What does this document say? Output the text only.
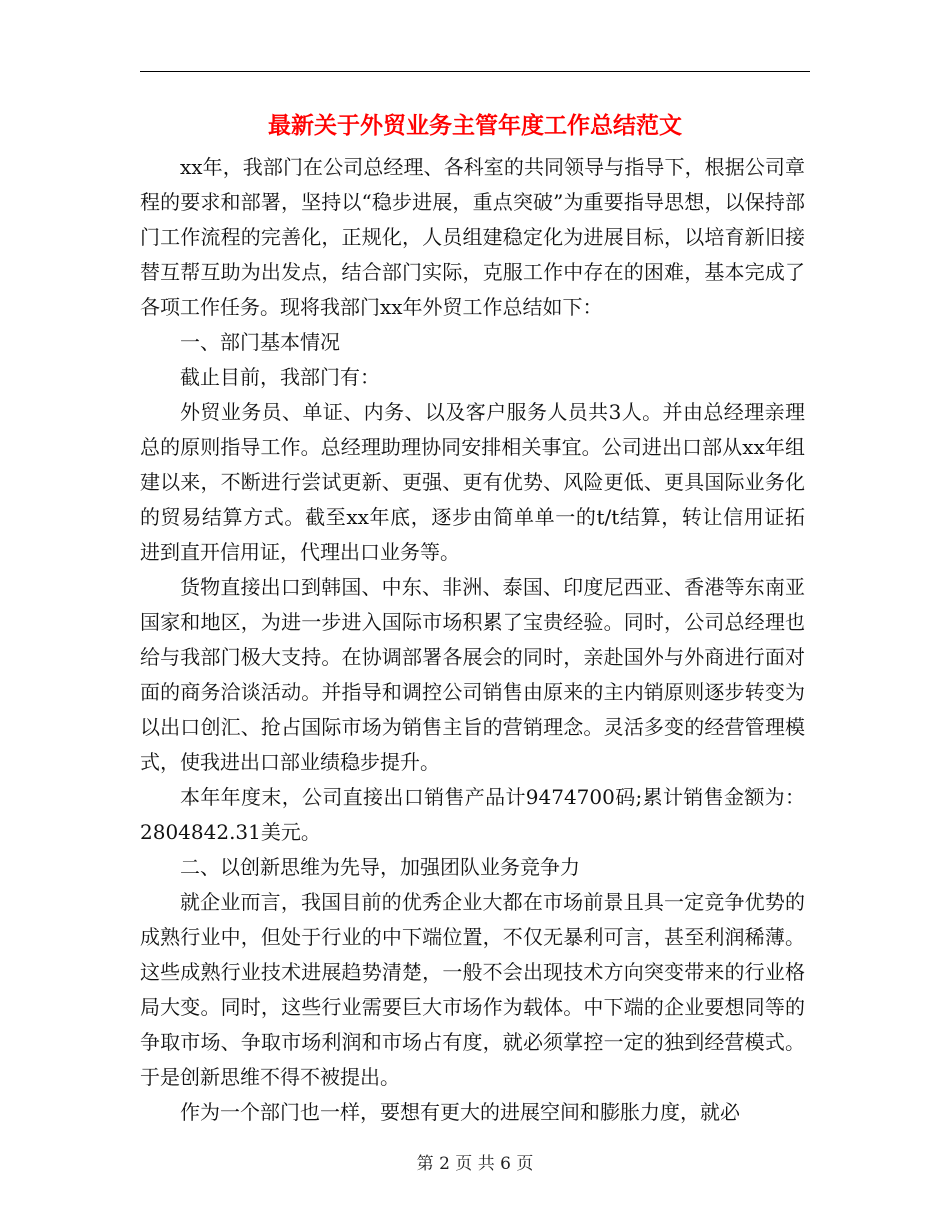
最新关于外贸业务主管年度工作总结范文

xx年，我部门在公司总经理、各科室的共同领导与指导下，根据公司章程的要求和部署，坚持以“稳步进展，重点突破”为重要指导思想，以保持部门工作流程的完善化，正规化，人员组建稳定化为进展目标，以培育新旧接替互帮互助为出发点，结合部门实际，克服工作中存在的困难，基本完成了各项工作任务。现将我部门xx年外贸工作总结如下：

一、部门基本情况

截止目前，我部门有：

外贸业务员、单证、内务、以及客户服务人员共3人。并由总经理亲理总的原则指导工作。总经理助理协同安排相关事宜。公司进出口部从xx年组建以来，不断进行尝试更新、更强、更有优势、风险更低、更具国际业务化的贸易结算方式。截至xx年底，逐步由简单单一的t/t结算，转让信用证拓进到直开信用证，代理出口业务等。

货物直接出口到韩国、中东、非洲、泰国、印度尼西亚、香港等东南亚国家和地区，为进一步进入国际市场积累了宝贵经验。同时，公司总经理也给与我部门极大支持。在协调部署各展会的同时，亲赴国外与外商进行面对面的商务洽谈活动。并指导和调控公司销售由原来的主内销原则逐步转变为以出口创汇、抢占国际市场为销售主旨的营销理念。灵活多变的经营管理模式，使我进出口部业绩稳步提升。

本年年度末，公司直接出口销售产品计9474700码;累计销售金额为：2804842.31美元。

二、以创新思维为先导，加强团队业务竞争力

就企业而言，我国目前的优秀企业大都在市场前景且具一定竞争优势的成熟行业中，但处于行业的中下端位置，不仅无暴利可言，甚至利润稀薄。这些成熟行业技术进展趋势清楚，一般不会出现技术方向突变带来的行业格局大变。同时，这些行业需要巨大市场作为载体。中下端的企业要想同等的争取市场、争取市场利润和市场占有度，就必须掌控一定的独到经营模式。于是创新思维不得不被提出。

作为一个部门也一样，要想有更大的进展空间和膨胀力度，就必

第 2 页 共 6 页
